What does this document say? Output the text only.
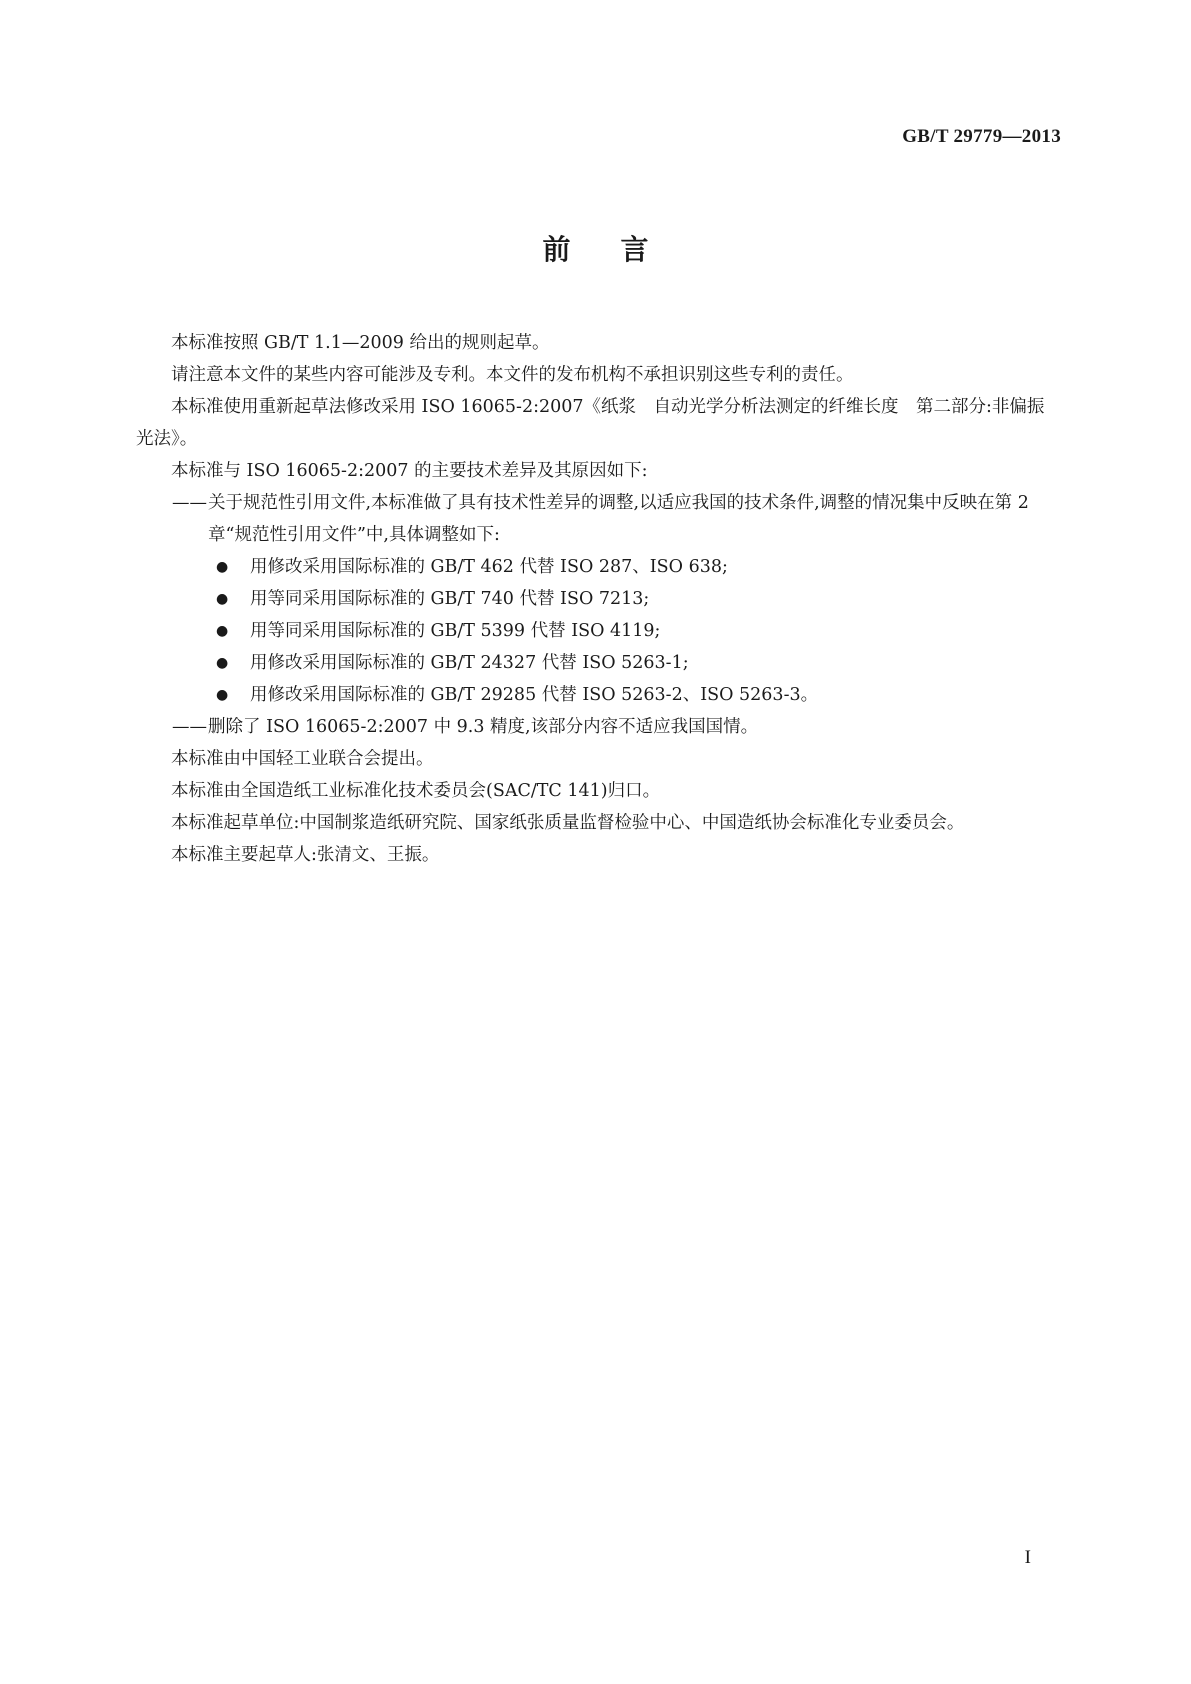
GB/T 29779—2013
前言

本标准按照 GB/T 1.1—2009 给出的规则起草。

请注意本文件的某些内容可能涉及专利。本文件的发布机构不承担识别这些专利的责任。

本标准使用重新起草法修改采用 ISO 16065-2:2007《纸浆　自动光学分析法测定的纤维长度　第二部分:非偏振光法》。

本标准与 ISO 16065-2:2007 的主要技术差异及其原因如下:

——关于规范性引用文件,本标准做了具有技术性差异的调整,以适应我国的技术条件,调整的情况集中反映在第 2 章“规范性引用文件”中,具体调整如下:

● 用修改采用国际标准的 GB/T 462 代替 ISO 287、ISO 638;
● 用等同采用国际标准的 GB/T 740 代替 ISO 7213;
● 用等同采用国际标准的 GB/T 5399 代替 ISO 4119;
● 用修改采用国际标准的 GB/T 24327 代替 ISO 5263-1;
● 用修改采用国际标准的 GB/T 29285 代替 ISO 5263-2、ISO 5263-3。

——删除了 ISO 16065-2:2007 中 9.3 精度,该部分内容不适应我国国情。

本标准由中国轻工业联合会提出。

本标准由全国造纸工业标准化技术委员会(SAC/TC 141)归口。

本标准起草单位:中国制浆造纸研究院、国家纸张质量监督检验中心、中国造纸协会标准化专业委员会。

本标准主要起草人:张清文、王振。

I
